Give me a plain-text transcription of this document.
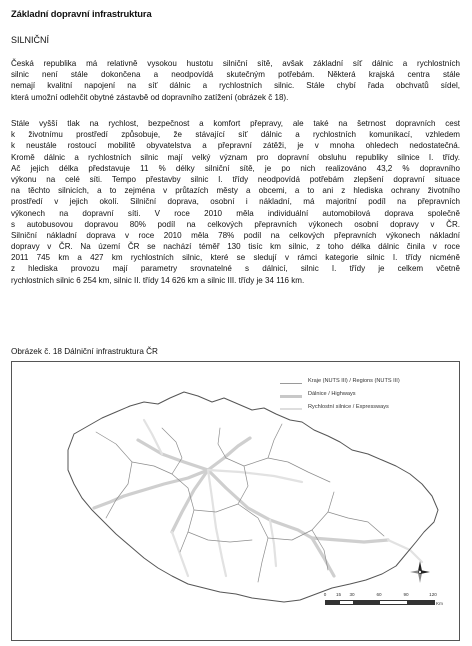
Základní dopravní infrastruktura
SILNIČNÍ
Česká republika má relativně vysokou hustotu silniční sítě, avšak základní síť dálnic a rychlostních
silnic není stále dokončena a neodpovídá skutečným potřebám. Některá krajská centra stále
nemají kvalitní napojení na síť dálnic a rychlostních silnic. Stále chybí řada obchvatů sídel,
která umožní odlehčit obytné zástavbě od dopravního zatížení (obrázek č 18).
Stále vyšší tlak na rychlost, bezpečnost a komfort přepravy, ale také na šetrnost dopravních cest
k životnímu prostředí způsobuje, že stávající síť dálnic a rychlostních komunikací, vzhledem
k neustále rostoucí mobilitě obyvatelstva a přepravní zátěži, je v mnoha ohledech nedostatečná.
Kromě dálnic a rychlostních silnic mají velký význam pro dopravní obsluhu republiky silnice I. třídy.
Ač jejich délka představuje 11 % délky silniční sítě, je po nich realizováno 43,2 % dopravního
výkonu na celé síti. Tempo přestavby silnic I. třídy neodpovídá potřebám zlepšení dopravní situace
na těchto silnicích, a to zejména v průtazích městy a obcemi, a to ani z hlediska ochrany životního
prostředí v jejich okolí. Silniční doprava, osobní i nákladní, má majoritní podíl na přepravních
výkonech na dopravní síti. V roce 2010 měla individuální automobilová doprava společně
s autobusovou dopravou 80% podíl na celkových přepravních výkonech osobní dopravy v ČR.
Silniční nákladní doprava v roce 2010 měla 78% podíl na celkových přepravních výkonech nákladní
dopravy v ČR. Na území ČR se nachází téměř 130 tisíc km silnic, z toho délka dálnic činila v roce
2011 745 km a 427 km rychlostních silnic, které se sledují v rámci kategorie silnic I. třídy nicméně
z hlediska provozu mají parametry srovnatelné s dálnicí, silnic I. třídy je celkem včetně
rychlostních silnic 6 254 km, silnic II. třídy 14 626 km a silnic III. třídy je 34 116 km.
Obrázek č. 18 Dálniční infrastruktura ČR
Kraje (NUTS III) / Regions (NUTS III)
Dálnice / Highways
Rychlostní silnice / Expressways
0 15 30	60	90	120
Km
